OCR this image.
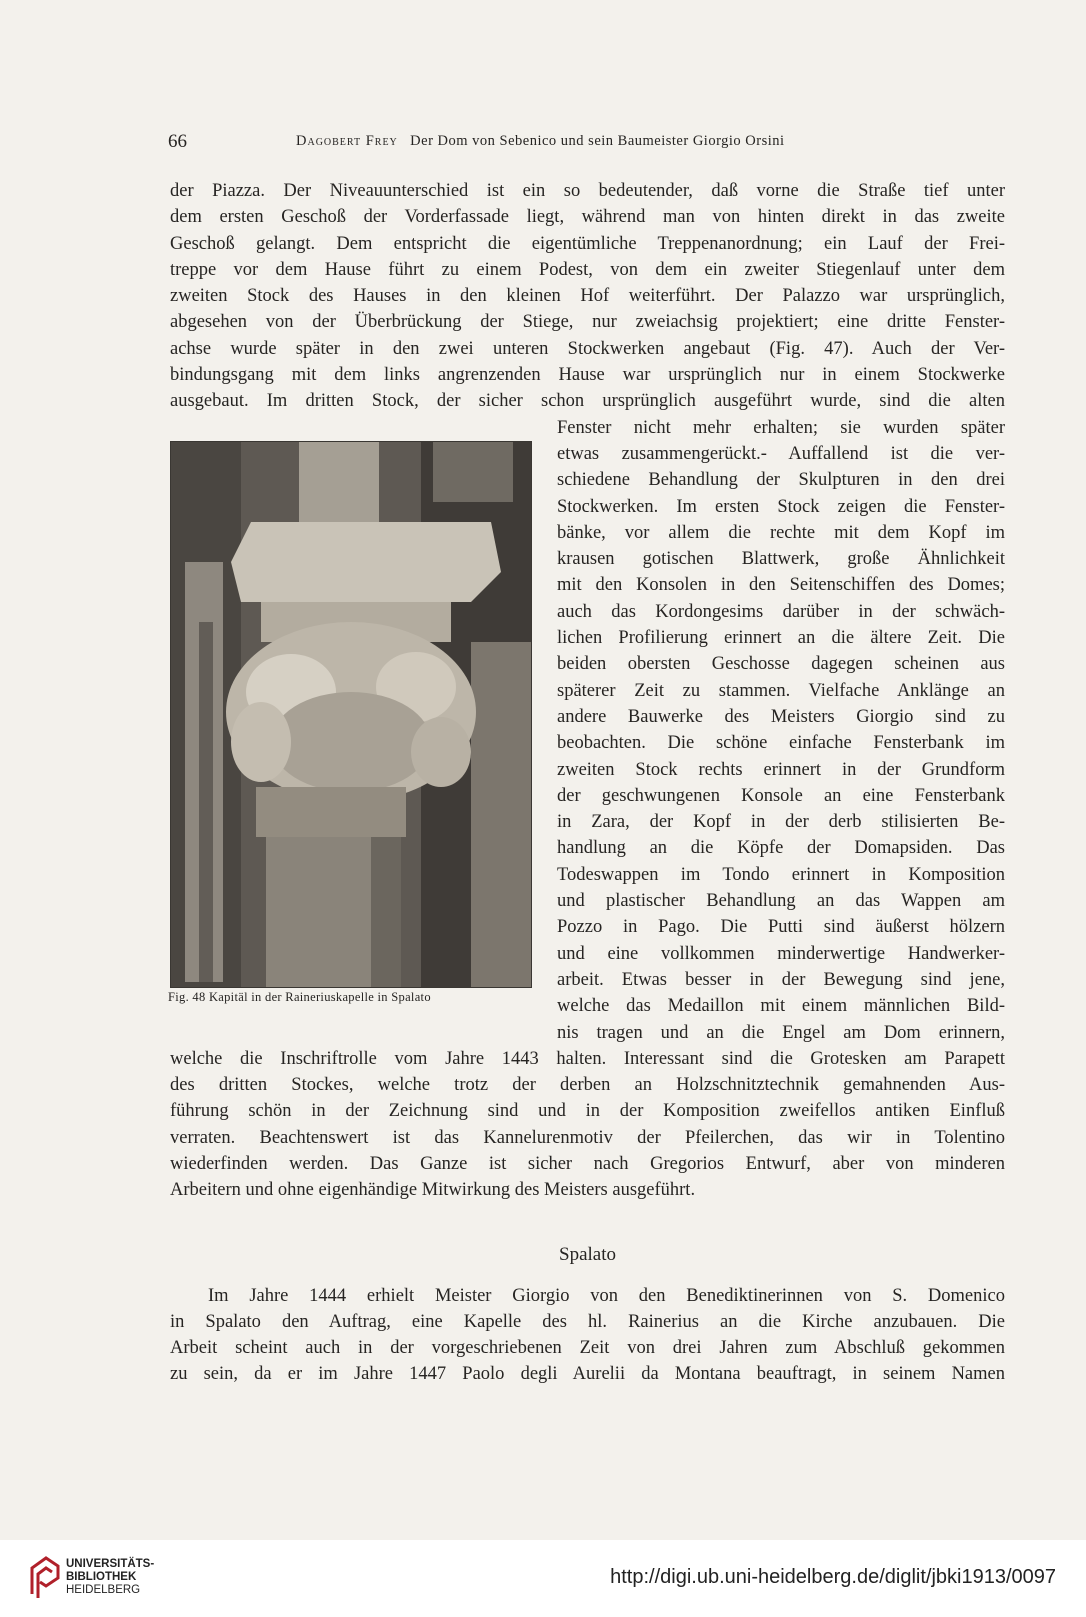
66	Dagobert Frey Der Dom von Sebenico und sein Baumeister Giorgio Orsini
der Piazza. Der Niveauunterschied ist ein so bedeutender, daß vorne die Straße tief unter
dem ersten Geschoß der Vorderfassade liegt, während man von hinten direkt in das zweite
Geschoß gelangt. Dem entspricht die eigentümliche Treppenanordnung; ein Lauf der Frei-
treppe vor dem Hause führt zu einem Podest, von dem ein zweiter Stiegenlauf unter dem
zweiten Stock des Hauses in den kleinen Hof weiterführt. Der Palazzo war ursprünglich,
abgesehen von der Überbrückung der Stiege, nur zweiachsig projektiert; eine dritte Fenster-
achse wurde später in den zwei unteren Stockwerken angebaut (Fig. 47). Auch der Ver-
bindungsgang mit dem links angrenzenden Hause war ursprünglich nur in einem Stockwerke
ausgebaut. Im dritten Stock, der sicher schon ursprünglich ausgeführt wurde, sind die alten
Fenster nicht mehr erhalten; sie wurden später
etwas zusammengerückt.- Auffallend ist die ver-
schiedene Behandlung der Skulpturen in den drei
Stockwerken. Im ersten Stock zeigen die Fenster-
bänke, vor allem die rechte mit dem Kopf im
krausen gotischen Blattwerk, große Ähnlichkeit
mit den Konsolen in den Seitenschiffen des Domes;
auch das Kordongesims darüber in der schwäch-
lichen Profilierung erinnert an die ältere Zeit. Die
beiden obersten Geschosse dagegen scheinen aus
späterer Zeit zu stammen. Vielfache Anklänge an
andere Bauwerke des Meisters Giorgio sind zu
beobachten. Die schöne einfache Fensterbank im
zweiten Stock rechts erinnert in der Grundform
der geschwungenen Konsole an eine Fensterbank
in Zara, der Kopf in der derb stilisierten Be-
handlung an die Köpfe der Domapsiden. Das
Todeswappen im Tondo erinnert in Komposition
und plastischer Behandlung an das Wappen am
Pozzo in Pago. Die Putti sind äußerst hölzern
und eine vollkommen minderwertige Handwerker-
arbeit. Etwas besser in der Bewegung sind jene,
welche das Medaillon mit einem männlichen Bild-
nis tragen und an die Engel am Dom erinnern,
welche die Inschriftrolle vom Jahre 1443 halten. Interessant sind die Grotesken am Parapett
des dritten Stockes, welche trotz der derben an Holzschnitztechnik gemahnenden Aus-
führung schön in der Zeichnung sind und in der Komposition zweifellos antiken Einfluß
verraten. Beachtenswert ist das Kannelurenmotiv der Pfeilerchen, das wir in Tolentino
wiederfinden werden. Das Ganze ist sicher nach Gregorios Entwurf, aber von minderen
Arbeitern und ohne eigenhändige Mitwirkung des Meisters ausgeführt.
Spalato
Im Jahre 1444 erhielt Meister Giorgio von den Benediktinerinnen von S. Domenico
in Spalato den Auftrag, eine Kapelle des hl. Rainerius an die Kirche anzubauen. Die
Arbeit scheint auch in der vorgeschriebenen Zeit von drei Jahren zum Abschluß gekommen
zu sein, da er im Jahre 1447 Paolo degli Aurelii da Montana beauftragt, in seinem Namen
Fig. 48 Kapitäl in der Raineriuskapelle in Spalato
UNIVERSITÄTS-
BIBLIOTHEK
HEIDELBERG
http://digi.ub.uni-heidelberg.de/diglit/jbki1913/0097
